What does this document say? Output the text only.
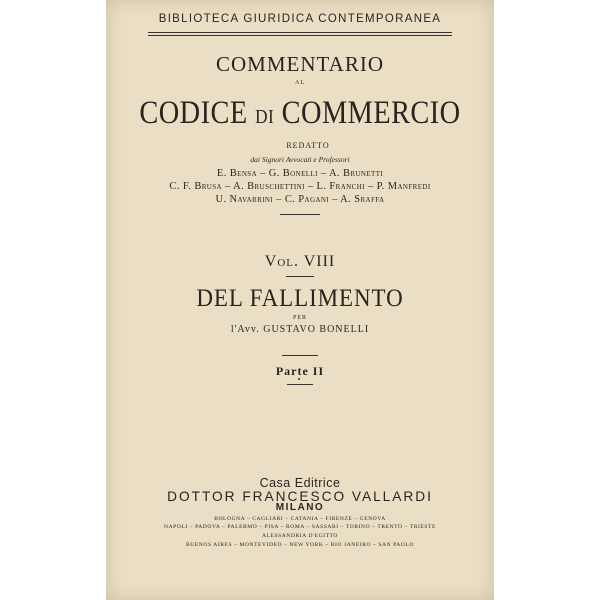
BIBLIOTECA GIURIDICA CONTEMPORANEA
COMMENTARIO
AL
CODICE DI COMMERCIO
REDATTO
dai Signori Avvocati e Professori
E. Bensa – G. Bonelli – A. Brunetti
C. F. Brusa – A. Bruschettini – L. Franchi – P. Manfredi
U. Navarrini – C. Pagani – A. Sraffa
Vol. VIII
DEL FALLIMENTO
PER
l'Avv. GUSTAVO BONELLI
Parte II
Casa Editrice
DOTTOR FRANCESCO VALLARDI
MILANO
BOLOGNA – CAGLIARI – CATANIA – FIRENZE – GENOVA
NAPOLI – PADOVA – PALERMO – PISA – ROMA – SASSARI – TORINO – TRENTO – TRIESTE
ALESSANDRIA D'EGITTO
BUENOS AIRES – MONTEVIDEO – NEW YORK – RIO JANEIRO – SAN PAOLO
